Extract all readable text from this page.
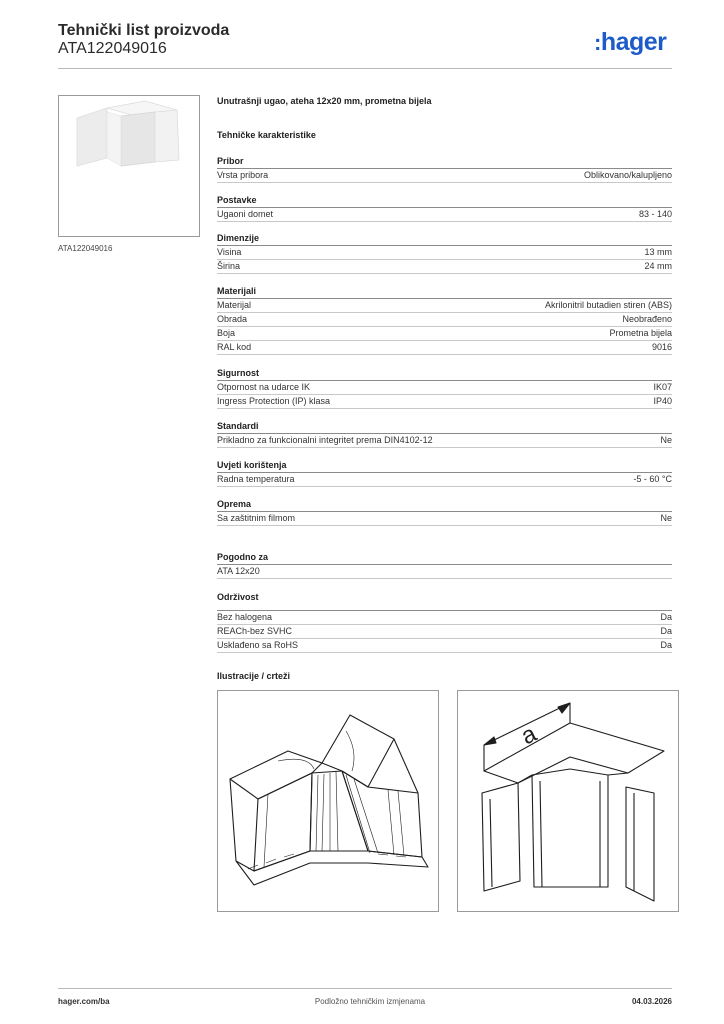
Tehnički list proizvoda
ATA122049016	:hager
ATA122049016
Unutrašnji ugao, ateha 12x20 mm, prometna bijela
Tehničke karakteristike
Pribor
Vrsta pribora	Oblikovano/kalupljeno
Postavke
Ugaoni domet	83 - 140
Dimenzije
Visina	13 mm
Širina	24 mm
Materijali
Materijal	Akrilonitril butadien stiren (ABS)
Obrada	Neobrađeno
Boja	Prometna bijela
RAL kod	9016
Sigurnost
Otpornost na udarce IK	IK07
Ingress Protection (IP) klasa	IP40
Standardi
Prikladno za funkcionalni integritet prema DIN4102-12	Ne
Uvjeti korištenja
Radna temperatura	-5 - 60 °C
Oprema
Sa zaštitnim filmom	Ne
Pogodno za
ATA 12x20
Održivost
Bez halogena	Da
REACh-bez SVHC	Da
Usklađeno sa RoHS	Da
Ilustracije / crteži
a
hager.com/ba	Podložno tehničkim izmjenama	04.03.2026
